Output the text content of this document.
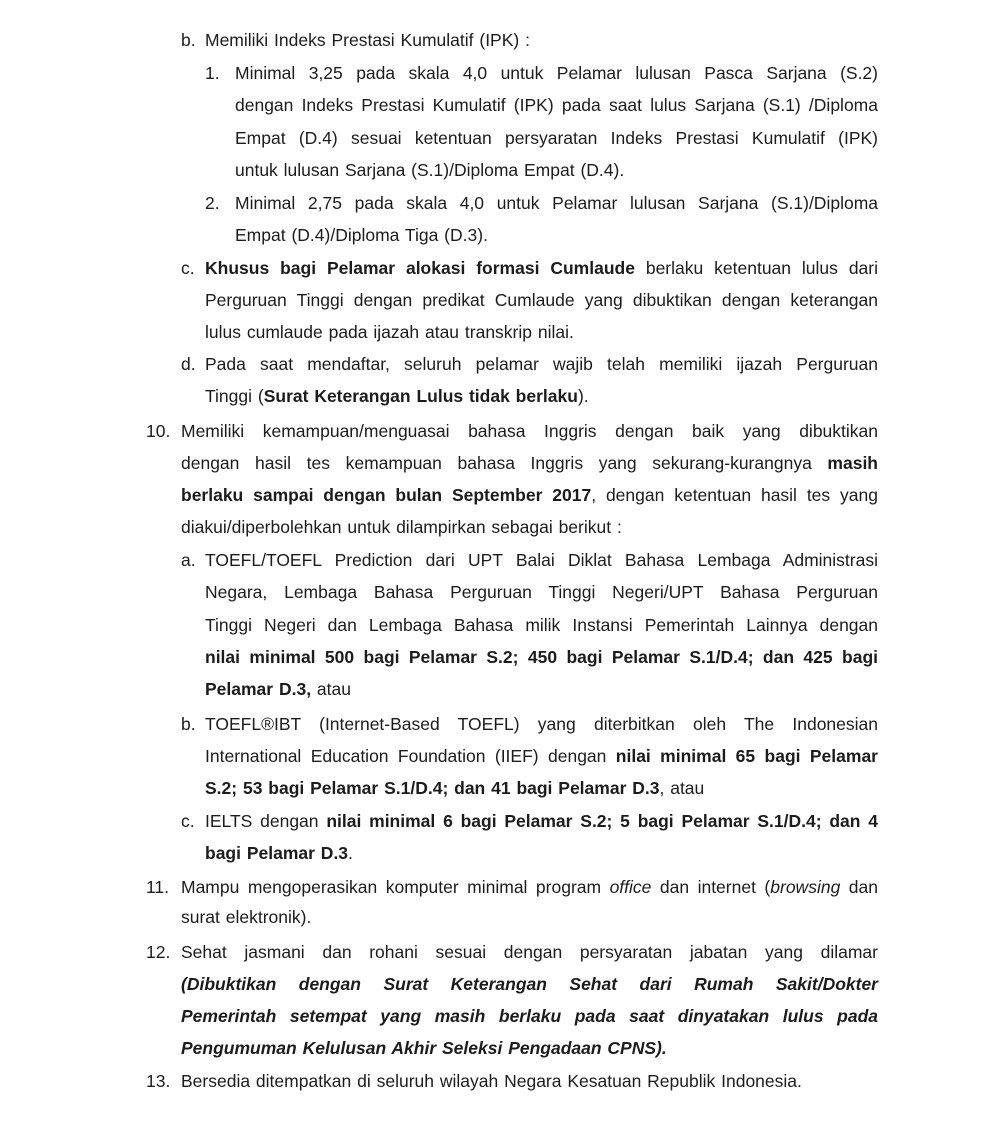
b. Memiliki Indeks Prestasi Kumulatif (IPK) :
1. Minimal 3,25 pada skala 4,0 untuk Pelamar lulusan Pasca Sarjana (S.2)
dengan Indeks Prestasi Kumulatif (IPK) pada saat lulus Sarjana (S.1) /Diploma
Empat (D.4) sesuai ketentuan persyaratan Indeks Prestasi Kumulatif (IPK)
untuk lulusan Sarjana (S.1)/Diploma Empat (D.4).
2. Minimal 2,75 pada skala 4,0 untuk Pelamar lulusan Sarjana (S.1)/Diploma
Empat (D.4)/Diploma Tiga (D.3).
c. Khusus bagi Pelamar alokasi formasi Cumlaude berlaku ketentuan lulus dari
Perguruan Tinggi dengan predikat Cumlaude yang dibuktikan dengan keterangan
lulus cumlaude pada ijazah atau transkrip nilai.
d. Pada saat mendaftar, seluruh pelamar wajib telah memiliki ijazah Perguruan
Tinggi (Surat Keterangan Lulus tidak berlaku).
10. Memiliki kemampuan/menguasai bahasa Inggris dengan baik yang dibuktikan
dengan hasil tes kemampuan bahasa Inggris yang sekurang-kurangnya masih
berlaku sampai dengan bulan September 2017, dengan ketentuan hasil tes yang
diakui/diperbolehkan untuk dilampirkan sebagai berikut :
a. TOEFL/TOEFL Prediction dari UPT Balai Diklat Bahasa Lembaga Administrasi
Negara, Lembaga Bahasa Perguruan Tinggi Negeri/UPT Bahasa Perguruan
Tinggi Negeri dan Lembaga Bahasa milik Instansi Pemerintah Lainnya dengan
nilai minimal 500 bagi Pelamar S.2; 450 bagi Pelamar S.1/D.4; dan 425 bagi
Pelamar D.3, atau
b. TOEFL®IBT (Internet-Based TOEFL) yang diterbitkan oleh The Indonesian
International Education Foundation (IIEF) dengan nilai minimal 65 bagi Pelamar
S.2; 53 bagi Pelamar S.1/D.4; dan 41 bagi Pelamar D.3, atau
c. IELTS dengan nilai minimal 6 bagi Pelamar S.2; 5 bagi Pelamar S.1/D.4; dan 4
bagi Pelamar D.3.
11. Mampu mengoperasikan komputer minimal program office dan internet (browsing dan
surat elektronik).
12. Sehat jasmani dan rohani sesuai dengan persyaratan jabatan yang dilamar
(Dibuktikan dengan Surat Keterangan Sehat dari Rumah Sakit/Dokter
Pemerintah setempat yang masih berlaku pada saat dinyatakan lulus pada
Pengumuman Kelulusan Akhir Seleksi Pengadaan CPNS).
13. Bersedia ditempatkan di seluruh wilayah Negara Kesatuan Republik Indonesia.
